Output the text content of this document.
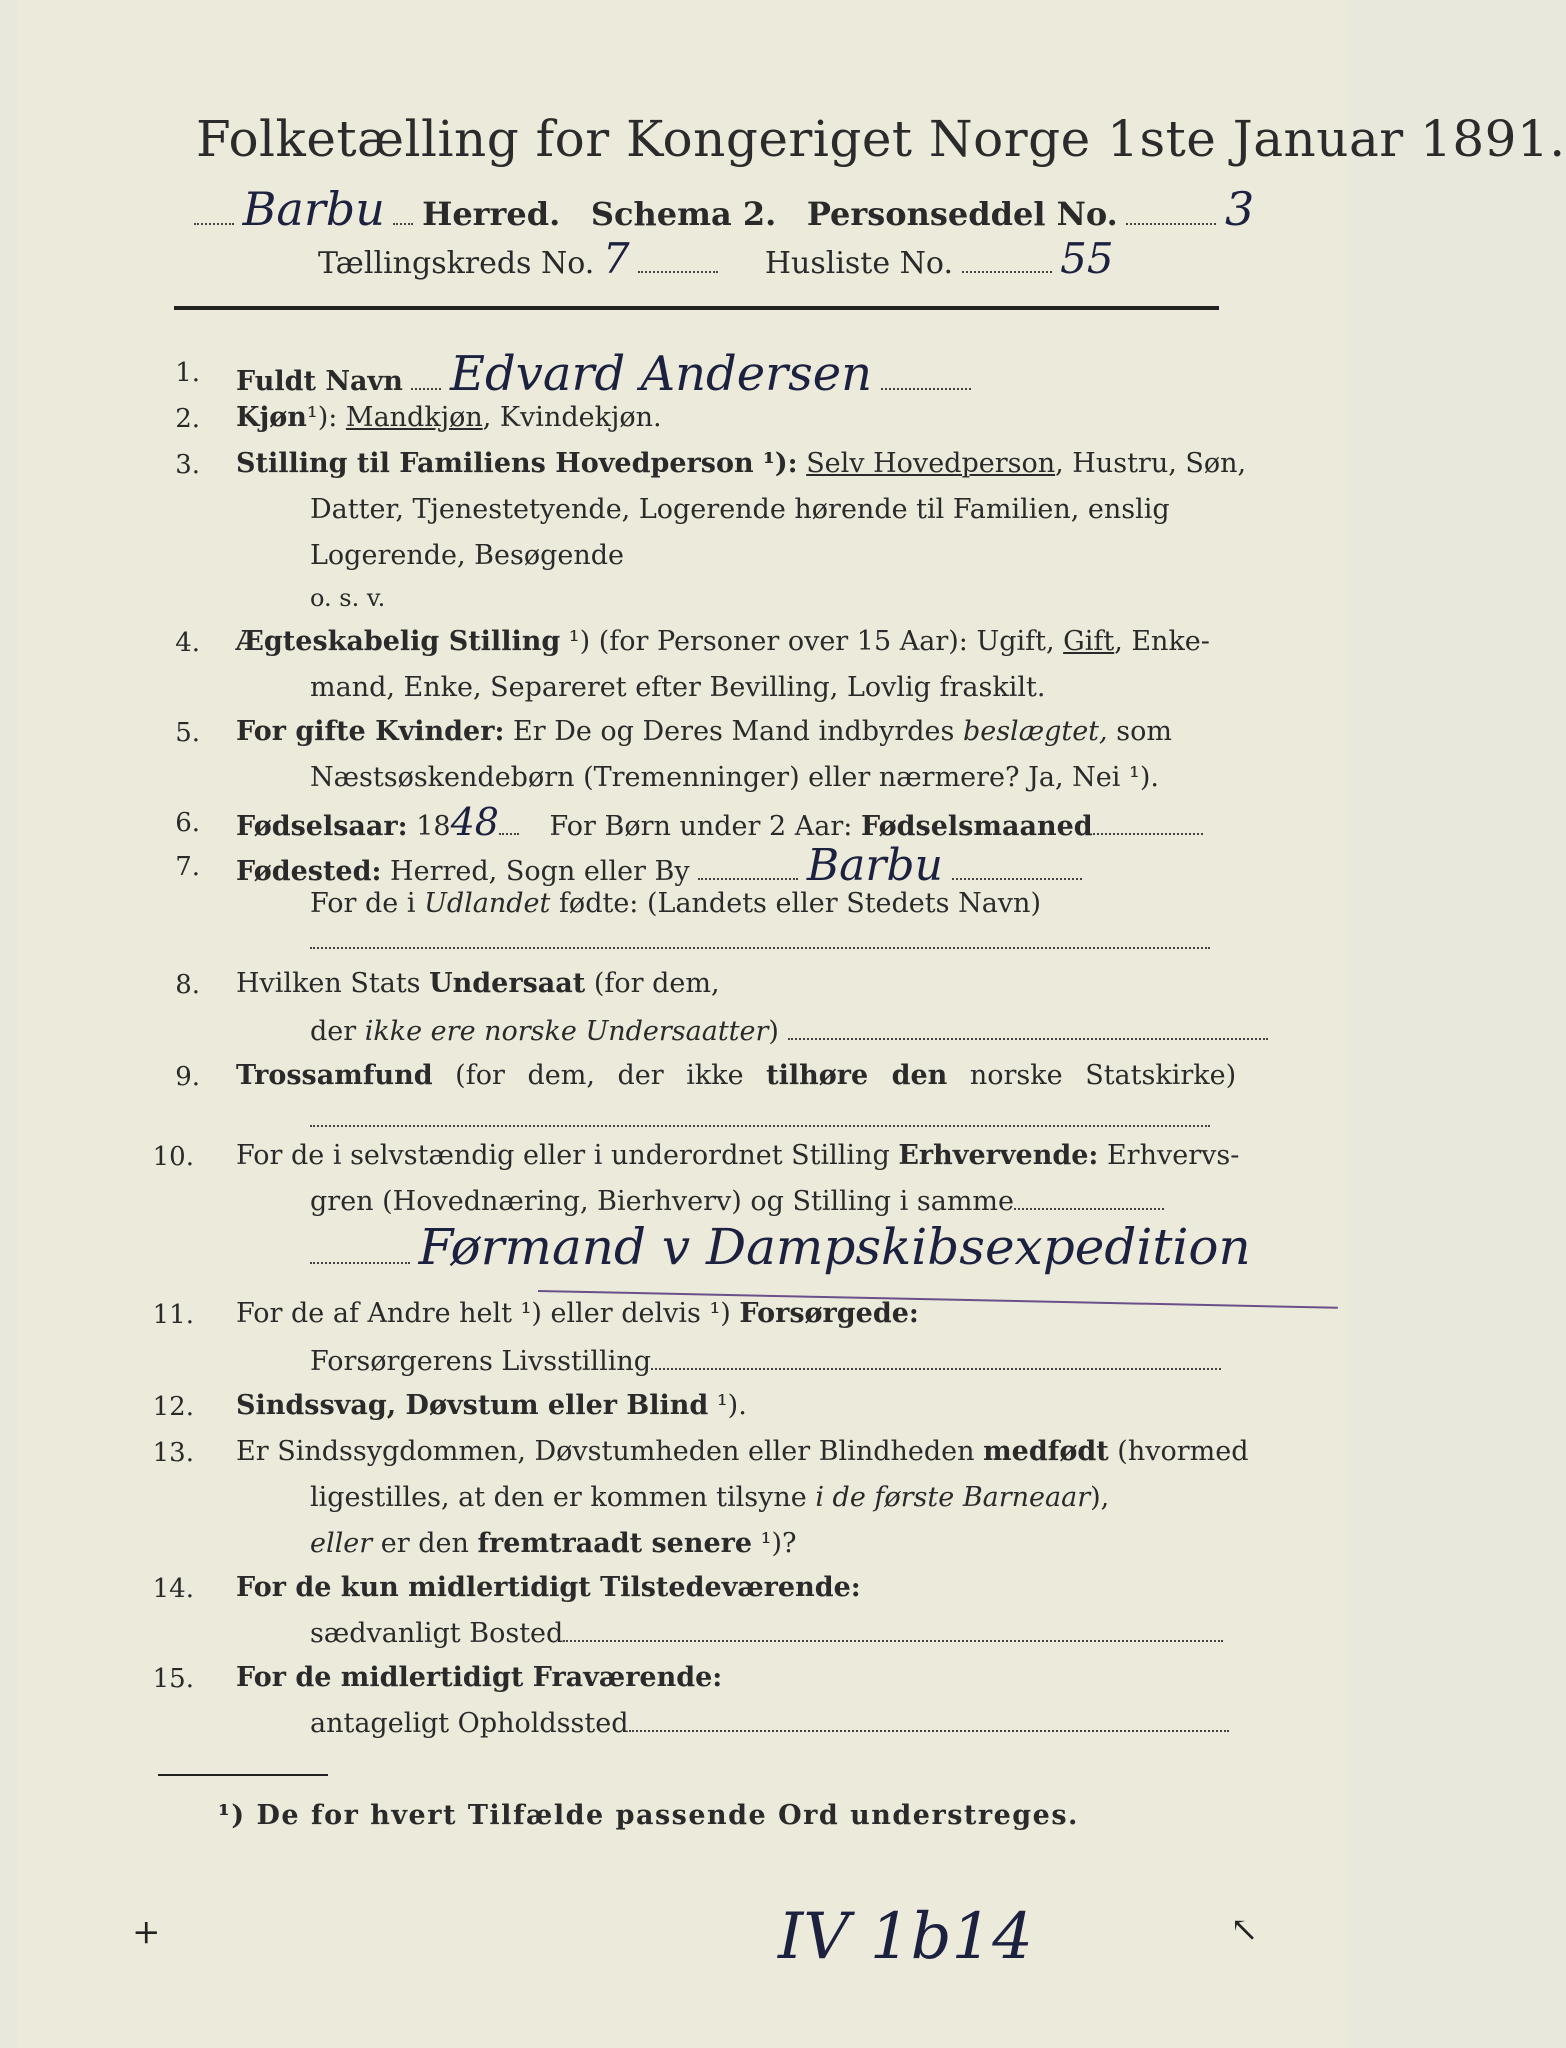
Folketælling for Kongeriget Norge 1ste Januar 1891.
Barbu Herred. Schema 2. Personseddel No. 3
Tællingskreds No. 7	Husliste No.	55
1. Fuldt Navn Edvard Andersen
2. Kjøn¹): Mandkjøn, Kvindekjøn.
3. Stilling til Familiens Hovedperson ¹): Selv Hovedperson, Hustru, Søn,
Datter, Tjenestetyende, Logerende hørende til Familien, enslig
Logerende, Besøgende
o. s. v.
4. Ægteskabelig Stilling ¹) (for Personer over 15 Aar): Ugift, Gift, Enke-
mand, Enke, Separeret efter Bevilling, Lovlig fraskilt.
5. For gifte Kvinder: Er De og Deres Mand indbyrdes beslægtet, som
Næstsøskendebørn (Tremenninger) eller nærmere? Ja, Nei ¹).
6. Fødselsaar: 1848 For Børn under 2 Aar: Fødselsmaaned
7. Fødested: Herred, Sogn eller By	Barbu
For de i Udlandet fødte: (Landets eller Stedets Navn)
8. Hvilken Stats Undersaat (for dem,
der ikke ere norske Undersaatter)
9. Trossamfund (for dem, der ikke tilhøre den norske Statskirke)
10. For de i selvstændig eller i underordnet Stilling Erhvervende: Erhvervs-
gren (Hovednæring, Bierhverv) og Stilling i samme
Førmand v Dampskibsexpedition
11. For de af Andre helt ¹) eller delvis ¹) Forsørgede:
Forsørgerens Livsstilling
12. Sindssvag, Døvstum eller Blind ¹).
13. Er Sindssygdommen, Døvstumheden eller Blindheden medfødt (hvormed
ligestilles, at den er kommen tilsyne i de første Barneaar),
eller er den fremtraadt senere ¹)?
14. For de kun midlertidigt Tilstedeværende:
sædvanligt Bosted
15. For de midlertidigt Fraværende:
antageligt Opholdssted
¹) De for hvert Tilfælde passende Ord understreges.
IV 1b14
+	↖
